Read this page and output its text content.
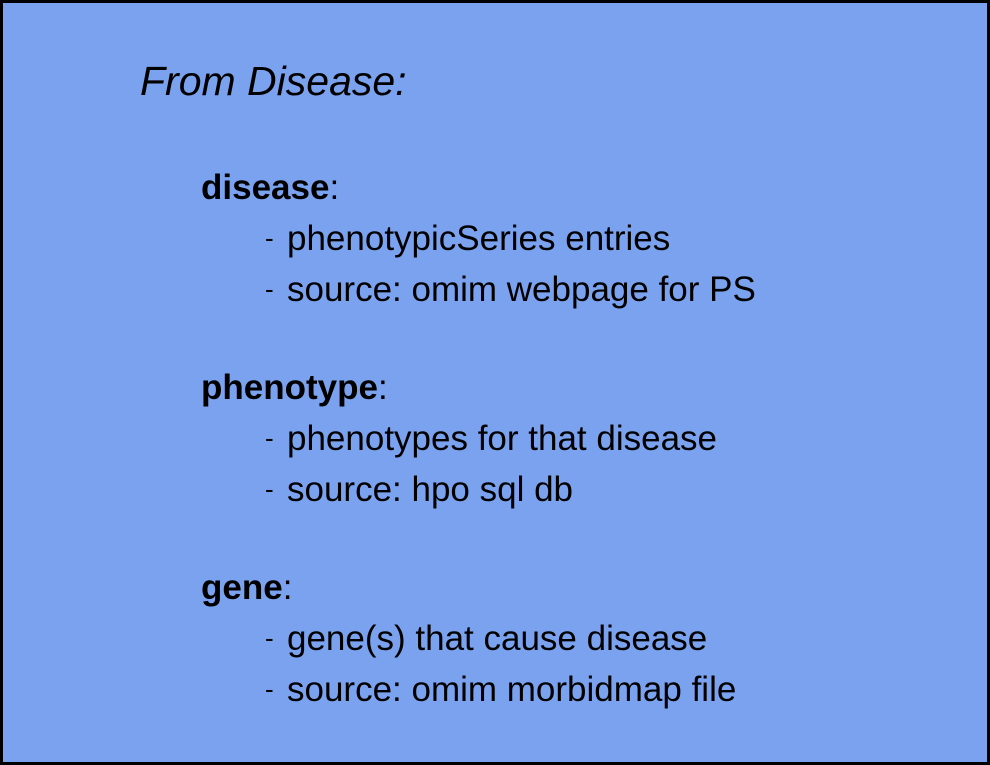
From Disease:
disease:
- phenotypicSeries entries
- source: omim webpage for PS
phenotype:
- phenotypes for that disease
- source: hpo sql db
gene:
- gene(s) that cause disease
- source: omim morbidmap file
